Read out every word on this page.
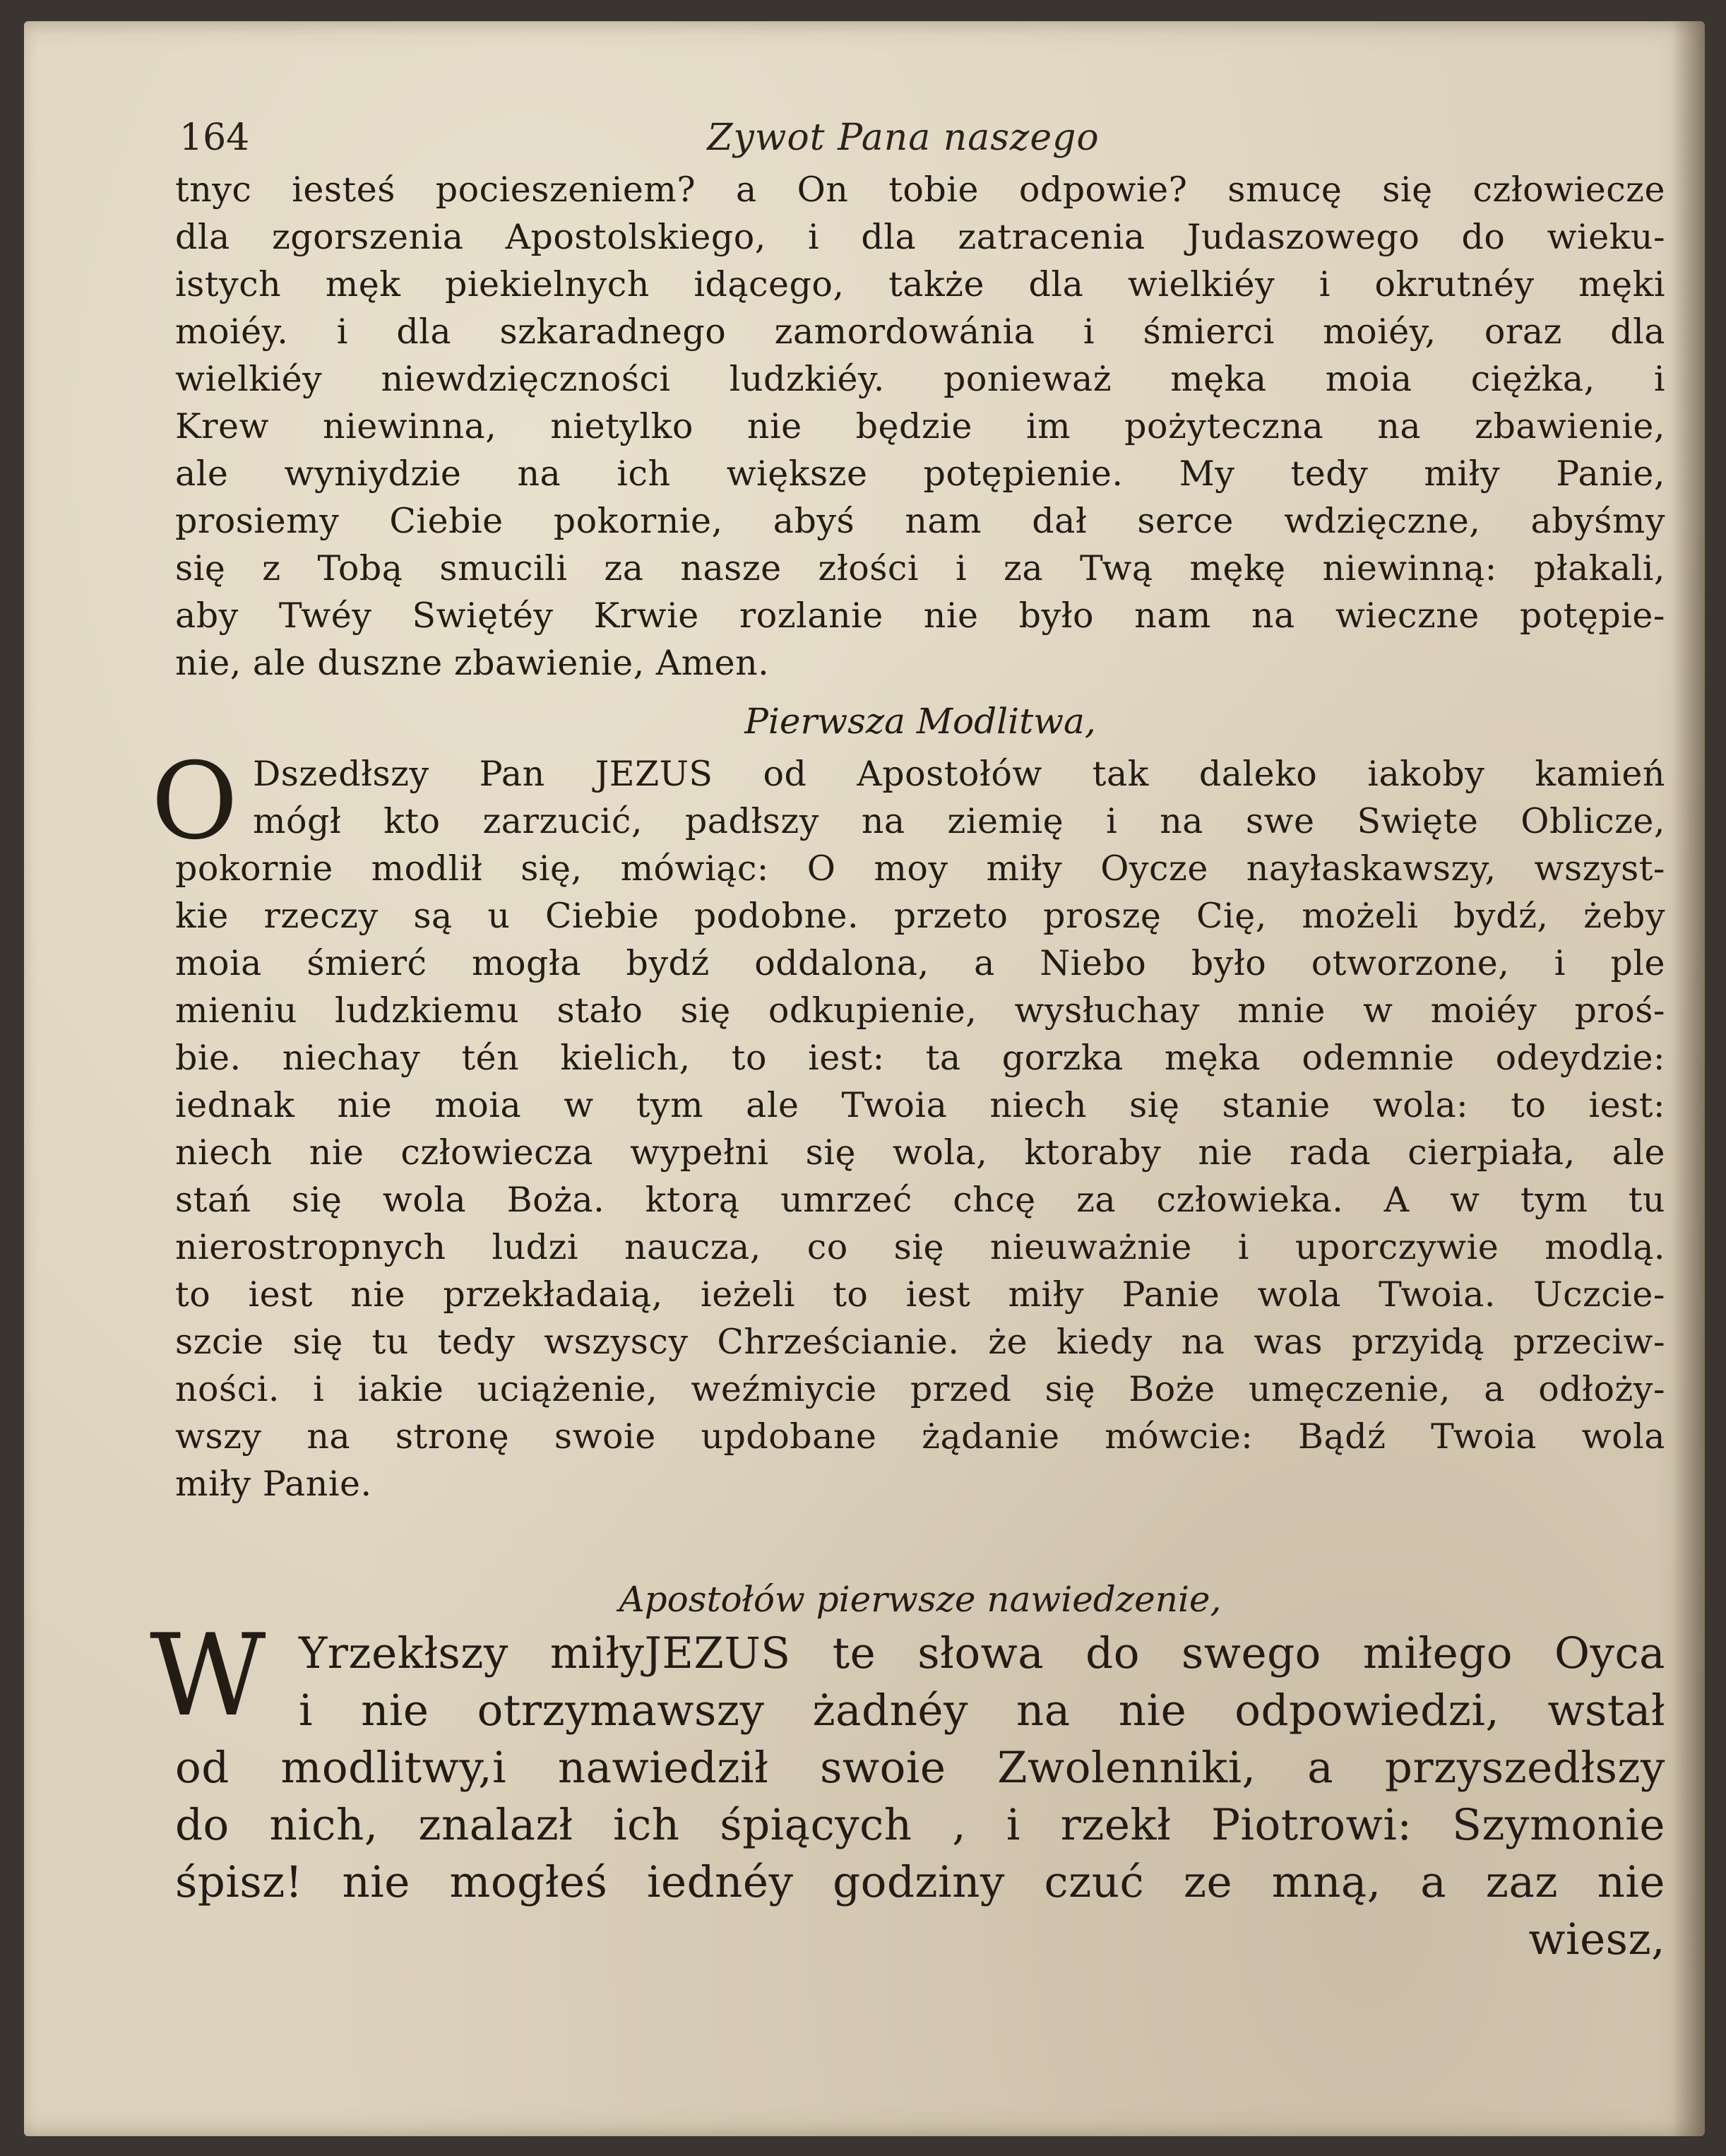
164	Zywot Pana naszego
tnyc iesteś pocieszeniem? a On tobie odpowie? smucę się człowiecze
dla zgorszenia Apostolskiego, i dla zatracenia Judaszowego do wieku-
istych męk piekielnych idącego, także dla wielkiéy i okrutnéy męki
moiéy. i dla szkaradnego zamordowánia i śmierci moiéy, oraz dla
wielkiéy niewdzięczności ludzkiéy. ponieważ męka moia ciężka, i
Krew niewinna, nietylko nie będzie im pożyteczna na zbawienie,
ale wyniydzie na ich większe potępienie. My tedy miły Panie,
prosiemy Ciebie pokornie, abyś nam dał serce wdzięczne, abyśmy
się z Tobą smucili za nasze złości i za Twą mękę niewinną: płakali,
aby Twéy Swiętéy Krwie rozlanie nie było nam na wieczne potępie-
nie, ale duszne zbawienie, Amen.
Pierwsza Modlitwa,
O Dszedłszy Pan JEZUS od Apostołów tak daleko iakoby kamień
mógł kto zarzucić, padłszy na ziemię i na swe Swięte Oblicze,
pokornie modlił się, mówiąc: O moy miły Oycze nayłaskawszy, wszyst-
kie rzeczy są u Ciebie podobne. przeto proszę Cię, możeli bydź, żeby
moia śmierć mogła bydź oddalona, a Niebo było otworzone, i ple
mieniu ludzkiemu stało się odkupienie, wysłuchay mnie w moiéy proś-
bie. niechay tén kielich, to iest: ta gorzka męka odemnie odeydzie:
iednak nie moia w tym ale Twoia niech się stanie wola: to iest:
niech nie człowiecza wypełni się wola, ktoraby nie rada cierpiała, ale
stań się wola Boża. ktorą umrzeć chcę za człowieka. A w tym tu
nierostropnych ludzi naucza, co się nieuważnie i uporczywie modlą.
to iest nie przekładaią, ieżeli to iest miły Panie wola Twoia. Uczcie-
szcie się tu tedy wszyscy Chrześcianie. że kiedy na was przyidą przeciw-
ności. i iakie uciążenie, weźmiycie przed się Boże umęczenie, a odłoży-
wszy na stronę swoie updobane żądanie mówcie: Bądź Twoia wola
miły Panie.
Apostołów pierwsze nawiedzenie,
W Yrzekłszy miłyJEZUS te słowa do swego miłego Oyca
i nie otrzymawszy żadnéy na nie odpowiedzi, wstał
od modlitwy,i nawiedził swoie Zwolenniki, a przyszedłszy
do nich, znalazł ich śpiących , i rzekł Piotrowi: Szymonie
śpisz! nie mogłeś iednéy godziny czuć ze mną, a zaz nie
wiesz,
